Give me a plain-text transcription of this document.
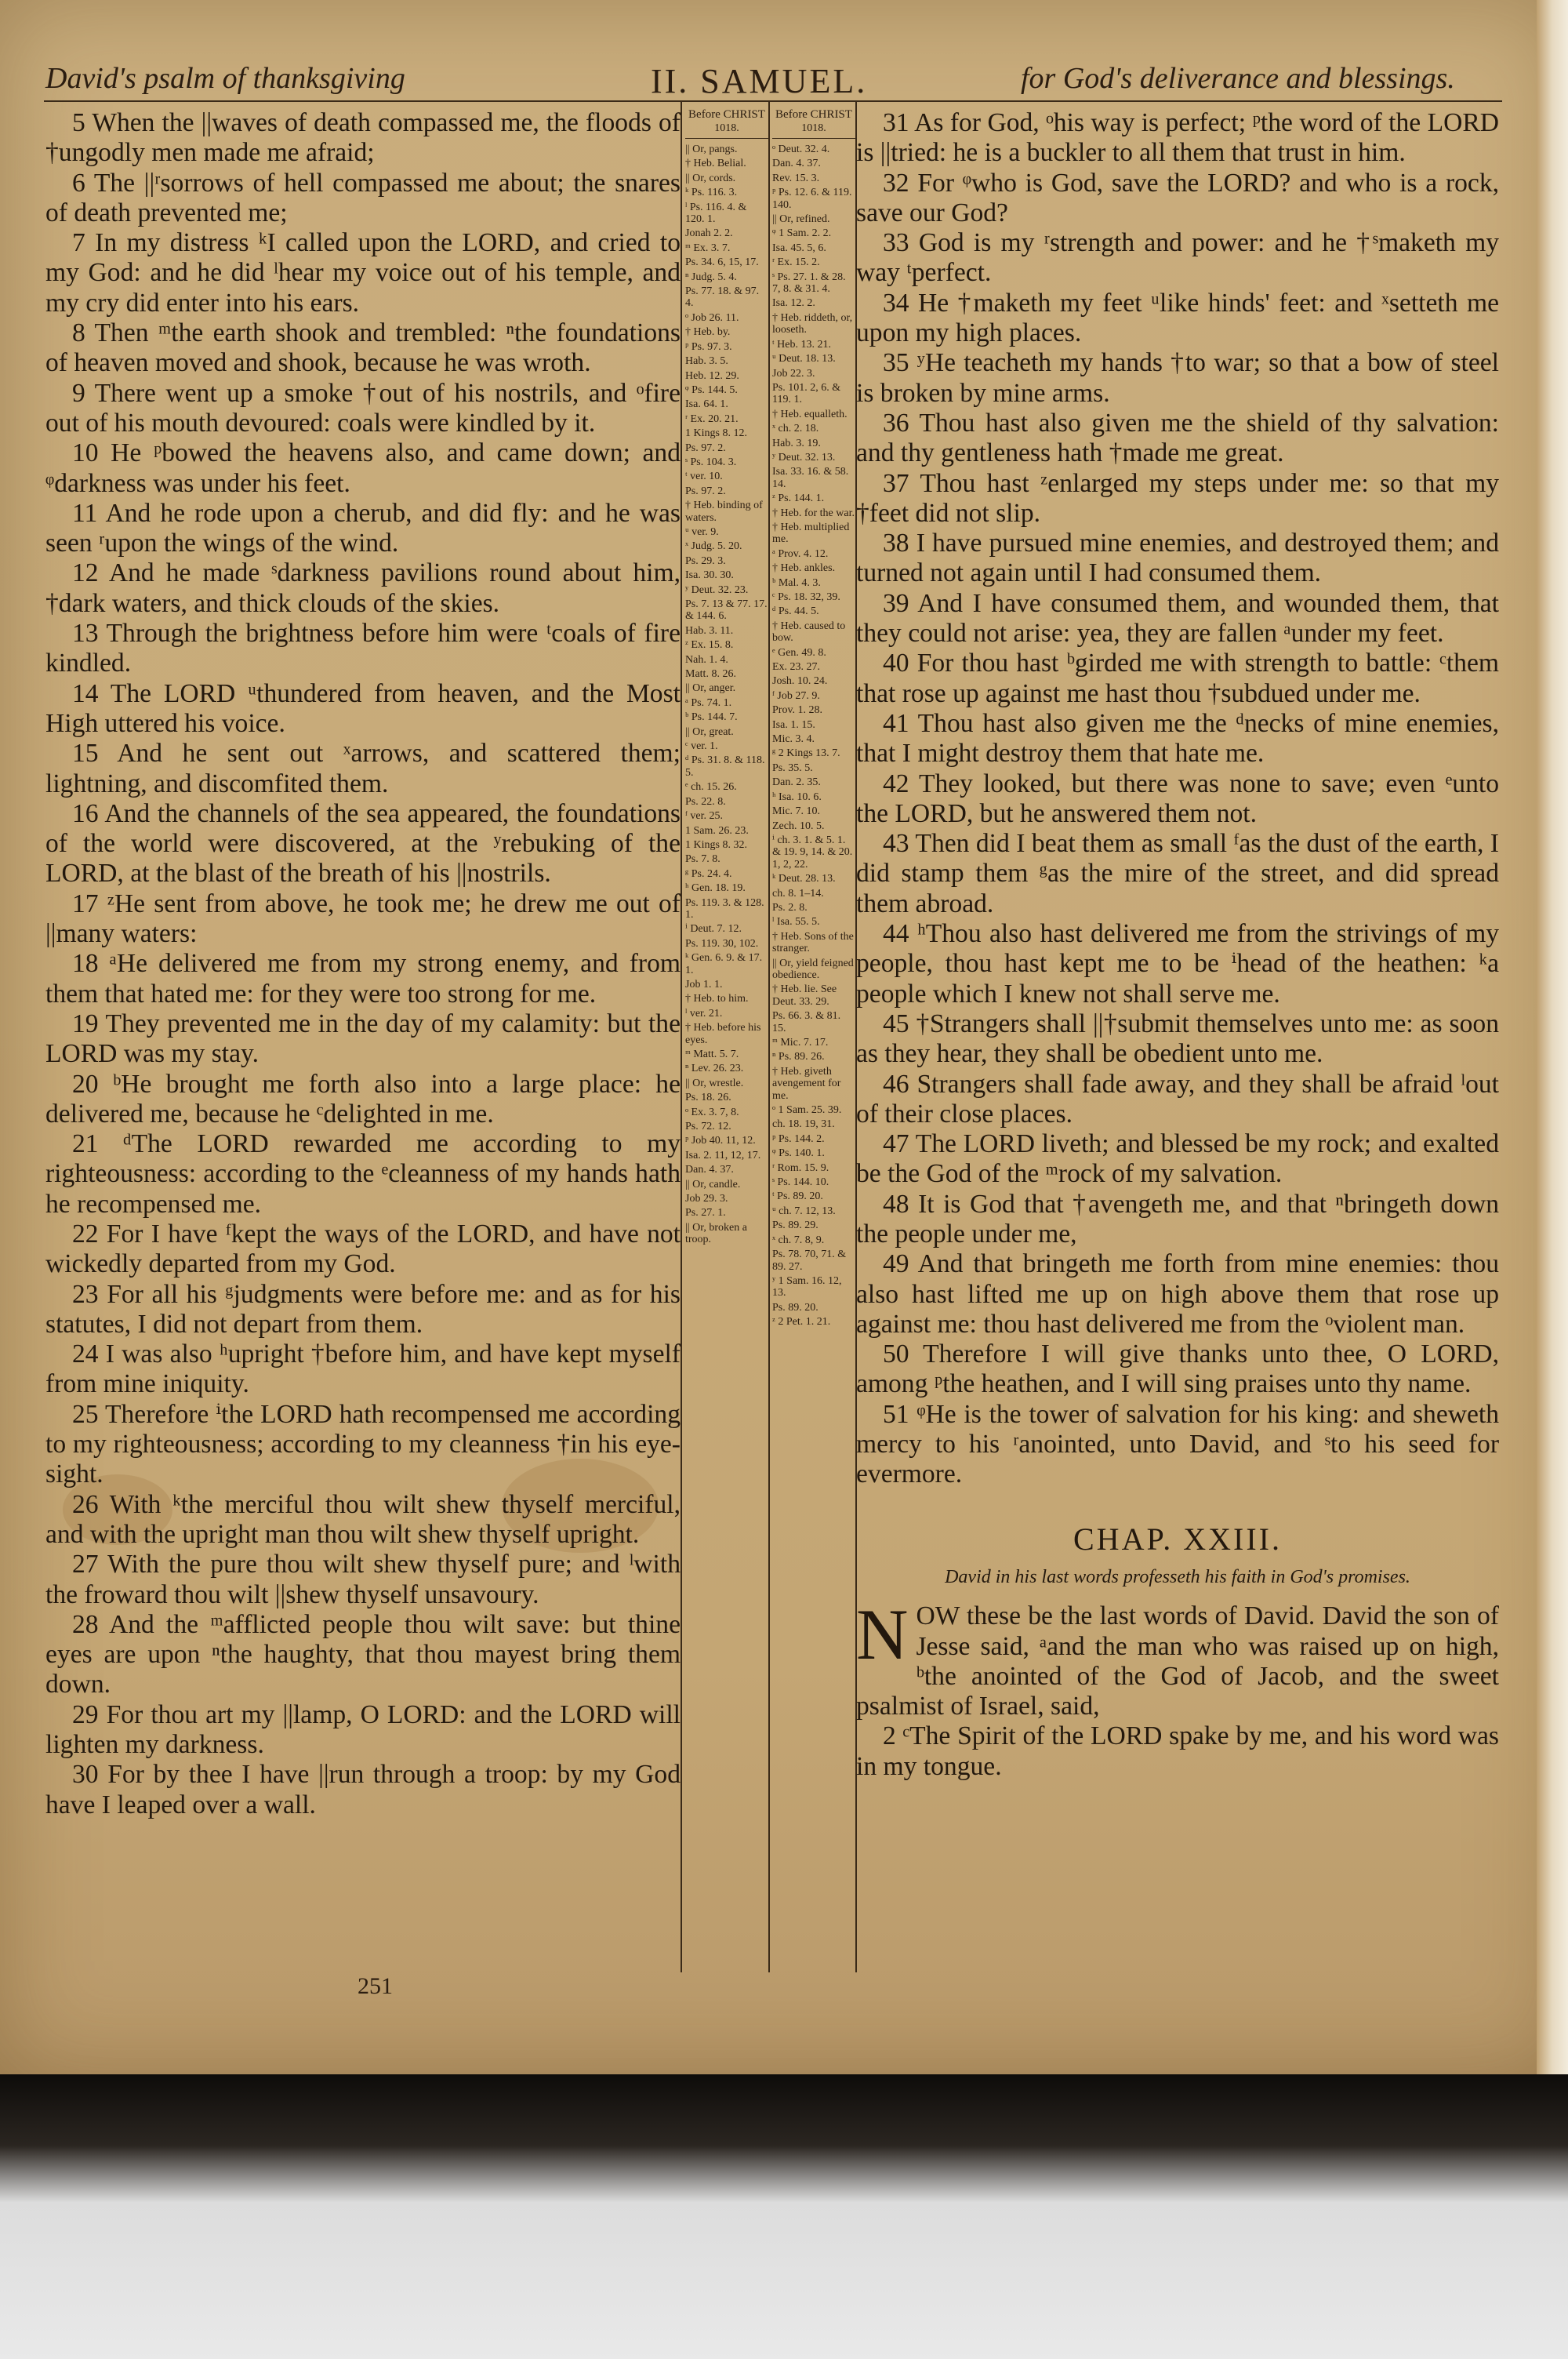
David's psalm of thanksgiving	II. SAMUEL.	for God's deliverance and blessings.

5 When the ||waves of death compassed me, the floods of †ungodly men made me afraid;

6 The ||ʳsorrows of hell compassed me about; the snares of death prevented me;

7 In my distress ᵏI called upon the LORD, and cried to my God: and he did ˡhear my voice out of his temple, and my cry did enter into his ears.

8 Then ᵐthe earth shook and trembled: ⁿthe foundations of heaven moved and shook, because he was wroth.

9 There went up a smoke †out of his nostrils, and ᵒfire out of his mouth devoured: coals were kindled by it.

10 He ᵖbowed the heavens also, and came down; and ᵠdarkness was under his feet.

11 And he rode upon a cherub, and did fly: and he was seen ʳupon the wings of the wind.

12 And he made ˢdarkness pavilions round about him, †dark waters, and thick clouds of the skies.

13 Through the brightness before him were ᵗcoals of fire kindled.

14 The LORD ᵘthundered from heaven, and the Most High uttered his voice.

15 And he sent out ˣarrows, and scattered them; lightning, and discomfited them.

16 And the channels of the sea appeared, the foundations of the world were discovered, at the ʸrebuking of the LORD, at the blast of the breath of his ||nostrils.

17 ᶻHe sent from above, he took me; he drew me out of ||many waters:

18 ᵃHe delivered me from my strong enemy, and from them that hated me: for they were too strong for me.

19 They prevented me in the day of my calamity: but the LORD was my stay.

20 ᵇHe brought me forth also into a large place: he delivered me, because he ᶜdelighted in me.

21 ᵈThe LORD rewarded me according to my righteousness: according to the ᵉcleanness of my hands hath he recompensed me.

22 For I have ᶠkept the ways of the LORD, and have not wickedly departed from my God.

23 For all his ᵍjudgments were before me: and as for his statutes, I did not depart from them.

24 I was also ʰupright †before him, and have kept myself from mine iniquity.

25 Therefore ⁱthe LORD hath recompensed me according to my righteousness; according to my cleanness †in his eye-sight.

26 With ᵏthe merciful thou wilt shew thyself merciful, and with the upright man thou wilt shew thyself upright.

27 With the pure thou wilt shew thyself pure; and ˡwith the froward thou wilt ||shew thyself unsavoury.

28 And the ᵐafflicted people thou wilt save: but thine eyes are upon ⁿthe haughty, that thou mayest bring them down.

29 For thou art my ||lamp, O LORD: and the LORD will lighten my darkness.

30 For by thee I have ||run through a troop: by my God have I leaped over a wall.

Before CHRIST
1018.

|| Or, pangs.

† Heb. Belial.

|| Or, cords.

ᵏ Ps. 116. 3.

ˡ Ps. 116. 4. & 120. 1.

Jonah 2. 2.

ᵐ Ex. 3. 7.

Ps. 34. 6, 15, 17.

ⁿ Judg. 5. 4.

Ps. 77. 18. & 97. 4.

ᵒ Job 26. 11.

† Heb. by.

ᵖ Ps. 97. 3.

Hab. 3. 5.

Heb. 12. 29.

ᵠ Ps. 144. 5.

Isa. 64. 1.

ʳ Ex. 20. 21.

1 Kings 8. 12.

Ps. 97. 2.

ˢ Ps. 104. 3.

ᵗ ver. 10.

Ps. 97. 2.

† Heb. binding of waters.

ᵘ ver. 9.

ˣ Judg. 5. 20.

Ps. 29. 3.

Isa. 30. 30.

ʸ Deut. 32. 23.

Ps. 7. 13 & 77. 17. & 144. 6.

Hab. 3. 11.

ᶻ Ex. 15. 8.

Nah. 1. 4.

Matt. 8. 26.

|| Or, anger.

ᵃ Ps. 74. 1.

ᵇ Ps. 144. 7.

|| Or, great.

ᶜ ver. 1.

ᵈ Ps. 31. 8. & 118. 5.

ᵉ ch. 15. 26.

Ps. 22. 8.

ᶠ ver. 25.

1 Sam. 26. 23.

1 Kings 8. 32.

Ps. 7. 8.

ᵍ Ps. 24. 4.

ʰ Gen. 18. 19.

Ps. 119. 3. & 128. 1.

ⁱ Deut. 7. 12.

Ps. 119. 30, 102.

ᵏ Gen. 6. 9. & 17. 1.

Job 1. 1.

† Heb. to him.

ˡ ver. 21.

† Heb. before his eyes.

ᵐ Matt. 5. 7.

ⁿ Lev. 26. 23.

|| Or, wrestle.

Ps. 18. 26.

ᵒ Ex. 3. 7, 8.

Ps. 72. 12.

ᵖ Job 40. 11, 12.

Isa. 2. 11, 12, 17.

Dan. 4. 37.

|| Or, candle.

Job 29. 3.

Ps. 27. 1.

|| Or, broken a troop.

Before CHRIST
1018.

ᵒ Deut. 32. 4.

Dan. 4. 37.

Rev. 15. 3.

ᵖ Ps. 12. 6. & 119. 140.

|| Or, refined.

ᵠ 1 Sam. 2. 2.

Isa. 45. 5, 6.

ʳ Ex. 15. 2.

ˢ Ps. 27. 1. & 28. 7, 8. & 31. 4.

Isa. 12. 2.

† Heb. riddeth, or, looseth.

ᵗ Heb. 13. 21.

ᵘ Deut. 18. 13.

Job 22. 3.

Ps. 101. 2, 6. & 119. 1.

† Heb. equalleth.

ˣ ch. 2. 18.

Hab. 3. 19.

ʸ Deut. 32. 13.

Isa. 33. 16. & 58. 14.

ᶻ Ps. 144. 1.

† Heb. for the war.

† Heb. multiplied me.

ᵃ Prov. 4. 12.

† Heb. ankles.

ᵇ Mal. 4. 3.

ᶜ Ps. 18. 32, 39.

ᵈ Ps. 44. 5.

† Heb. caused to bow.

ᵉ Gen. 49. 8.

Ex. 23. 27.

Josh. 10. 24.

ᶠ Job 27. 9.

Prov. 1. 28.

Isa. 1. 15.

Mic. 3. 4.

ᵍ 2 Kings 13. 7.

Ps. 35. 5.

Dan. 2. 35.

ʰ Isa. 10. 6.

Mic. 7. 10.

Zech. 10. 5.

ⁱ ch. 3. 1. & 5. 1. & 19. 9, 14. & 20. 1, 2, 22.

ᵏ Deut. 28. 13.

ch. 8. 1–14.

Ps. 2. 8.

ˡ Isa. 55. 5.

† Heb. Sons of the stranger.

|| Or, yield feigned obedience.

† Heb. lie. See Deut. 33. 29.

Ps. 66. 3. & 81. 15.

ᵐ Mic. 7. 17.

ⁿ Ps. 89. 26.

† Heb. giveth avengement for me.

ᵒ 1 Sam. 25. 39.

ch. 18. 19, 31.

ᵖ Ps. 144. 2.

ᵠ Ps. 140. 1.

ʳ Rom. 15. 9.

ˢ Ps. 144. 10.

ᵗ Ps. 89. 20.

ᵘ ch. 7. 12, 13.

Ps. 89. 29.

ˣ ch. 7. 8, 9.

Ps. 78. 70, 71. & 89. 27.

ʸ 1 Sam. 16. 12, 13.

Ps. 89. 20.

ᶻ 2 Pet. 1. 21.

31 As for God, ᵒhis way is perfect; ᵖthe word of the LORD is ||tried: he is a buckler to all them that trust in him.

32 For ᵠwho is God, save the LORD? and who is a rock, save our God?

33 God is my ʳstrength and power: and he †ˢmaketh my way ᵗperfect.

34 He †maketh my feet ᵘlike hinds' feet: and ˣsetteth me upon my high places.

35 ʸHe teacheth my hands †to war; so that a bow of steel is broken by mine arms.

36 Thou hast also given me the shield of thy salvation: and thy gentleness hath †made me great.

37 Thou hast ᶻenlarged my steps under me: so that my †feet did not slip.

38 I have pursued mine enemies, and destroyed them; and turned not again until I had consumed them.

39 And I have consumed them, and wounded them, that they could not arise: yea, they are fallen ᵃunder my feet.

40 For thou hast ᵇgirded me with strength to battle: ᶜthem that rose up against me hast thou †subdued under me.

41 Thou hast also given me the ᵈnecks of mine enemies, that I might destroy them that hate me.

42 They looked, but there was none to save; even ᵉunto the LORD, but he answered them not.

43 Then did I beat them as small ᶠas the dust of the earth, I did stamp them ᵍas the mire of the street, and did spread them abroad.

44 ʰThou also hast delivered me from the strivings of my people, thou hast kept me to be ⁱhead of the heathen: ᵏa people which I knew not shall serve me.

45 †Strangers shall ||†submit themselves unto me: as soon as they hear, they shall be obedient unto me.

46 Strangers shall fade away, and they shall be afraid ˡout of their close places.

47 The LORD liveth; and blessed be my rock; and exalted be the God of the ᵐrock of my salvation.

48 It is God that †avengeth me, and that ⁿbringeth down the people under me,

49 And that bringeth me forth from mine enemies: thou also hast lifted me up on high above them that rose up against me: thou hast delivered me from the ᵒviolent man.

50 Therefore I will give thanks unto thee, O LORD, among ᵖthe heathen, and I will sing praises unto thy name.

51 ᵠHe is the tower of salvation for his king: and sheweth mercy to his ʳanointed, unto David, and ˢto his seed for evermore.

CHAP. XXIII.
David in his last words professeth his faith in God's promises.

N OW these be the last words of David. David the son of Jesse said, ᵃand the man who was raised up on high, ᵇthe anointed of the God of Jacob, and the sweet psalmist of Israel, said,

2 ᶜThe Spirit of the LORD spake by me, and his word was in my tongue.

251
